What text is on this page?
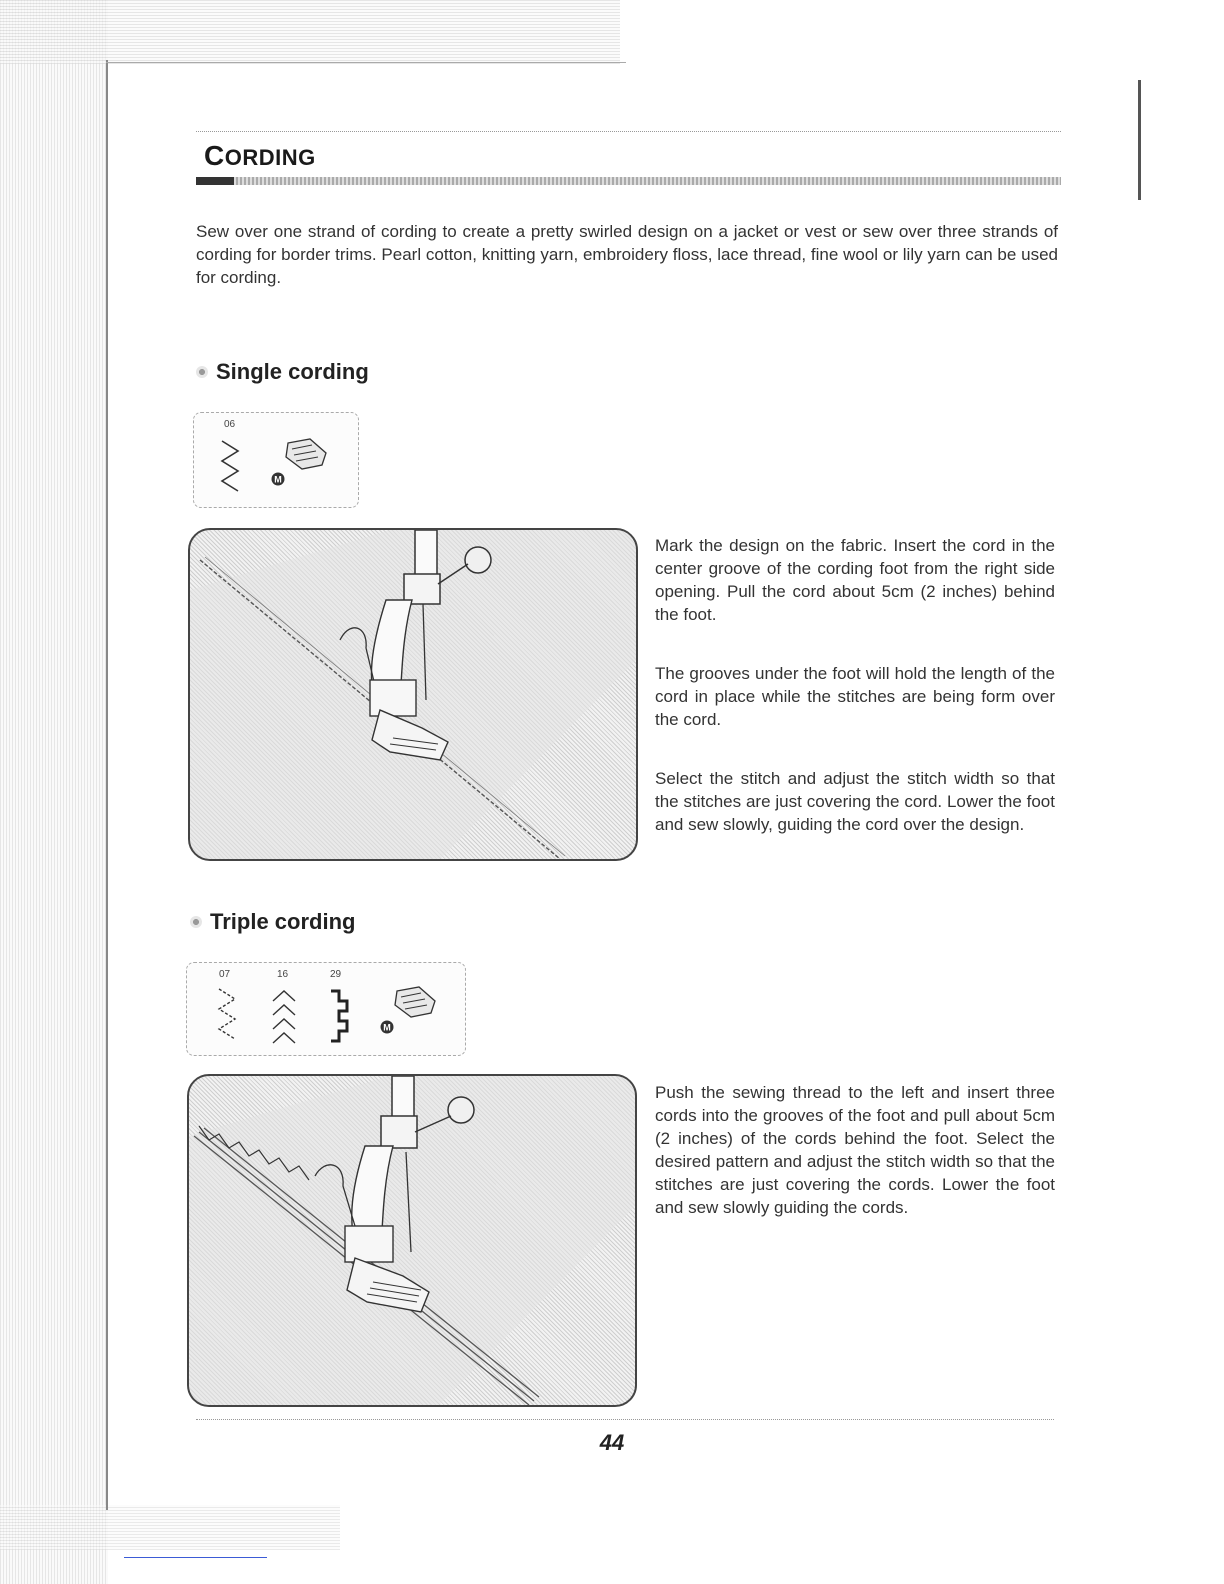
CORDING

Sew over one strand of cording to create a pretty swirled design on a jacket or vest or sew over three strands of cording for border trims. Pearl cotton, knitting yarn, embroidery floss, lace thread, fine wool or lily yarn can be used for cording.

Single cording
06
M

Mark the design on the fabric. Insert the cord in the center groove of the cording foot from the right side opening. Pull the cord about 5cm (2 inches) behind the foot.

The grooves under the foot will hold the length of the cord in place while the stitches are being form over the cord.

Select the stitch and adjust the stitch width so that the stitches are just covering the cord. Lower the foot and sew slowly, guiding the cord over the design.

Triple cording
07	16	29
M

Push the sewing thread to the left and insert three cords into the grooves of the foot and pull about 5cm (2 inches) of the cords behind the foot. Select the desired pattern and adjust the stitch width so that the stitches are just covering the cords. Lower the foot and sew slowly guiding the cords.

44
